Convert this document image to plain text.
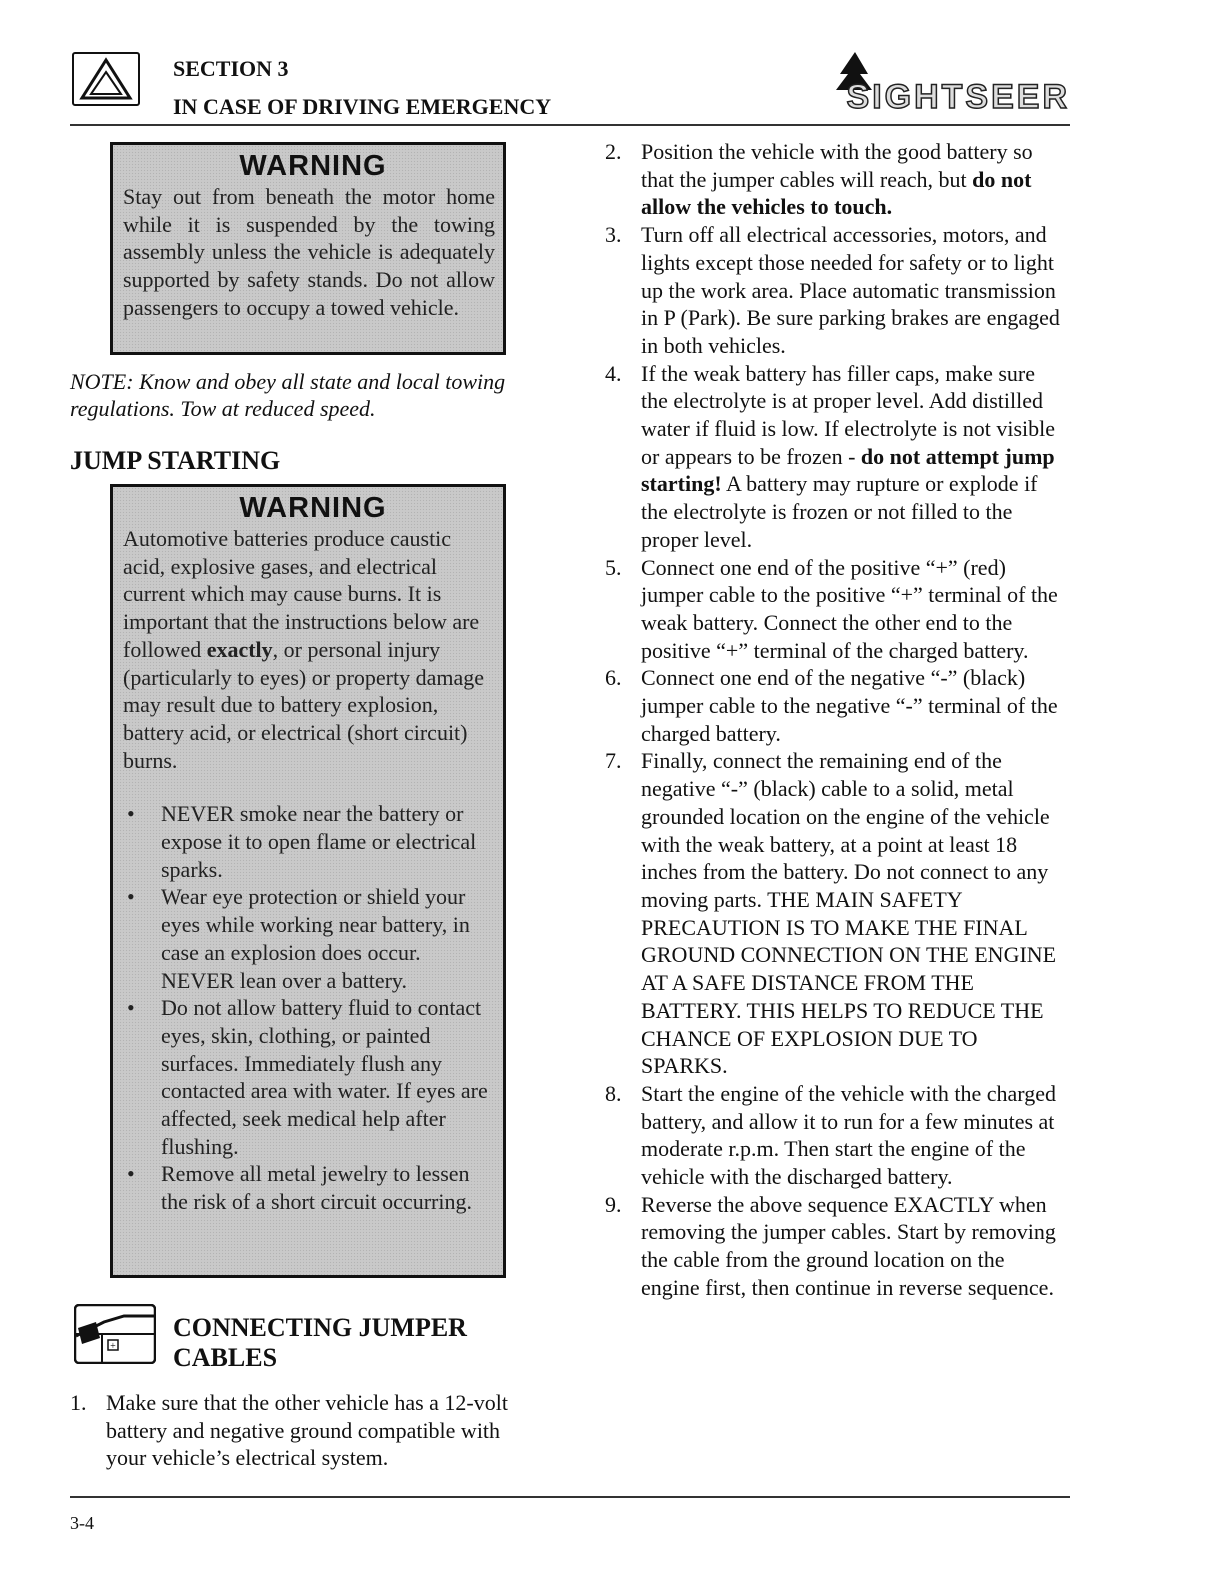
SECTION 3
IN CASE OF DRIVING EMERGENCY	SIGHTSEER
WARNING
Stay out from beneath the motor home while it is suspended by the towing assembly unless the vehicle is adequately supported by safety stands. Do not allow passengers to occupy a towed vehicle.
NOTE: Know and obey all state and local towing regulations. Tow at reduced speed.
JUMP STARTING
WARNING
Automotive batteries produce caustic acid, explosive gases, and electrical current which may cause burns. It is important that the instructions below are followed exactly, or personal injury (particularly to eyes) or property damage may result due to battery explosion, battery acid, or electrical (short circuit) burns.
• NEVER smoke near the battery or expose it to open flame or electrical sparks.
• Wear eye protection or shield your eyes while working near battery, in case an explosion does occur. NEVER lean over a battery.
• Do not allow battery fluid to contact eyes, skin, clothing, or painted surfaces. Immediately flush any contacted area with water. If eyes are affected, seek medical help after flushing.
• Remove all metal jewelry to lessen the risk of a short circuit occurring.
+
CONNECTING JUMPER CABLES
1. Make sure that the other vehicle has a 12-volt battery and negative ground compatible with your vehicle’s electrical system.
2. Position the vehicle with the good battery so that the jumper cables will reach, but do not allow the vehicles to touch.
3. Turn off all electrical accessories, motors, and lights except those needed for safety or to light up the work area. Place automatic transmission in P (Park). Be sure parking brakes are engaged in both vehicles.
4. If the weak battery has filler caps, make sure the electrolyte is at proper level. Add distilled water if fluid is low. If electrolyte is not visible or appears to be frozen - do not attempt jump starting! A battery may rupture or explode if the electrolyte is frozen or not filled to the proper level.
5. Connect one end of the positive “+” (red) jumper cable to the positive “+” terminal of the weak battery. Connect the other end to the positive “+” terminal of the charged battery.
6. Connect one end of the negative “-” (black) jumper cable to the negative “-” terminal of the charged battery.
7. Finally, connect the remaining end of the negative “-” (black) cable to a solid, metal grounded location on the engine of the vehicle with the weak battery, at a point at least 18 inches from the battery. Do not connect to any moving parts. THE MAIN SAFETY PRECAUTION IS TO MAKE THE FINAL GROUND CONNECTION ON THE ENGINE AT A SAFE DISTANCE FROM THE BATTERY. THIS HELPS TO REDUCE THE CHANCE OF EXPLOSION DUE TO SPARKS.
8. Start the engine of the vehicle with the charged battery, and allow it to run for a few minutes at moderate r.p.m. Then start the engine of the vehicle with the discharged battery.
9. Reverse the above sequence EXACTLY when removing the jumper cables. Start by removing the cable from the ground location on the engine first, then continue in reverse sequence.
3-4
